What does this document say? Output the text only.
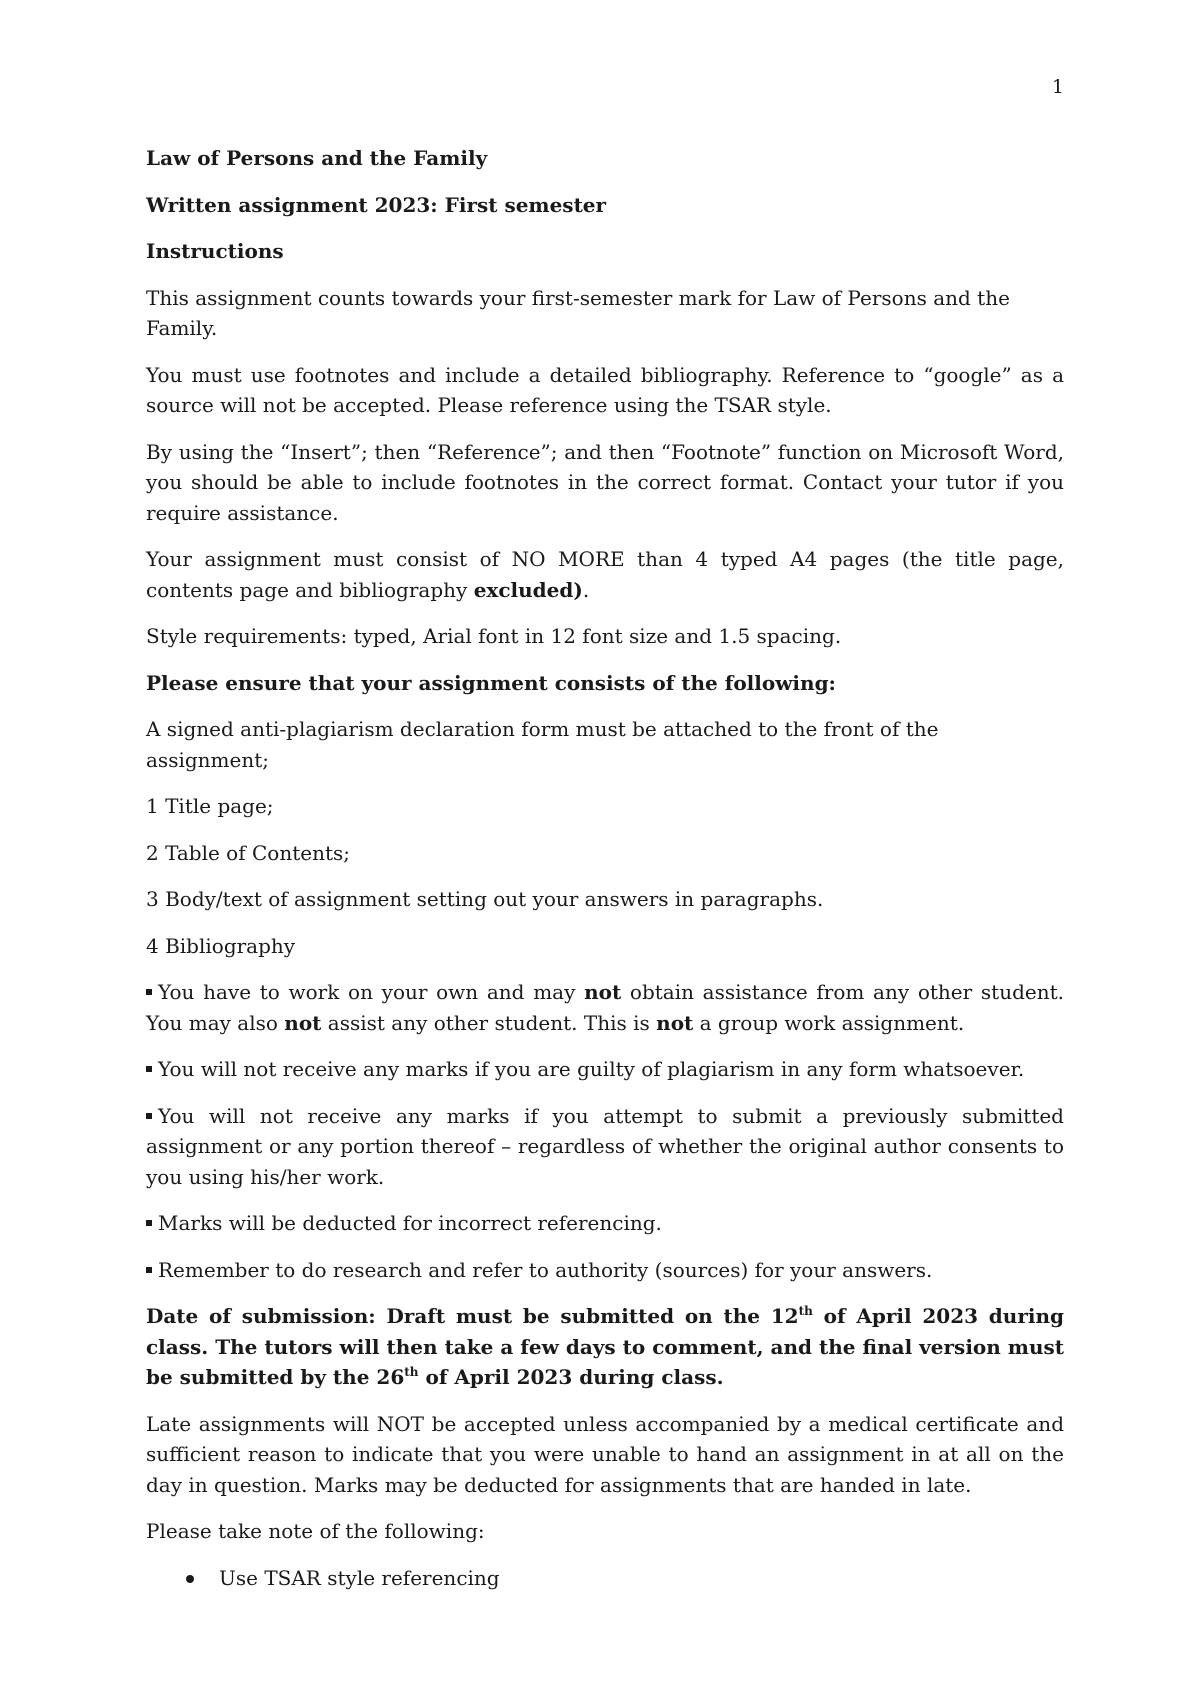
1

Law of Persons and the Family

Written assignment 2023: First semester

Instructions

This assignment counts towards your first-semester mark for Law of Persons and the Family.

You must use footnotes and include a detailed bibliography. Reference to “google” as a source will not be accepted. Please reference using the TSAR style.

By using the “Insert”; then “Reference”; and then “Footnote” function on Microsoft Word, you should be able to include footnotes in the correct format. Contact your tutor if you require assistance.

Your assignment must consist of NO MORE than 4 typed A4 pages (the title page, contents page and bibliography excluded).

Style requirements: typed, Arial font in 12 font size and 1.5 spacing.

Please ensure that your assignment consists of the following:

A signed anti-plagiarism declaration form must be attached to the front of the assignment;

1 Title page;

2 Table of Contents;

3 Body/text of assignment setting out your answers in paragraphs.

4 Bibliography

You have to work on your own and may not obtain assistance from any other student. You may also not assist any other student. This is not a group work assignment.

You will not receive any marks if you are guilty of plagiarism in any form whatsoever.

You will not receive any marks if you attempt to submit a previously submitted assignment or any portion thereof – regardless of whether the original author consents to you using his/her work.

Marks will be deducted for incorrect referencing.

Remember to do research and refer to authority (sources) for your answers.

Date of submission: Draft must be submitted on the 12th of April 2023 during class. The tutors will then take a few days to comment, and the final version must be submitted by the 26th of April 2023 during class.

Late assignments will NOT be accepted unless accompanied by a medical certificate and sufficient reason to indicate that you were unable to hand an assignment in at all on the day in question. Marks may be deducted for assignments that are handed in late.

Please take note of the following:

Use TSAR style referencing
